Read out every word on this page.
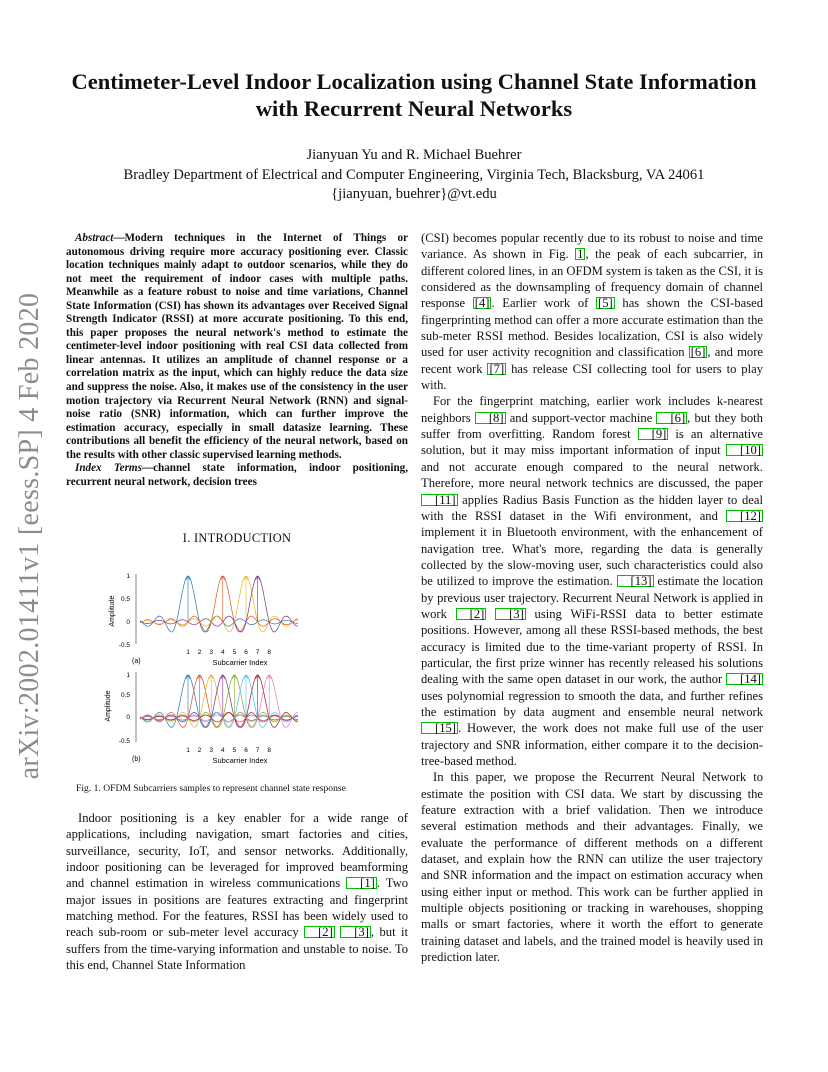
Centimeter-Level Indoor Localization using Channel State Information with Recurrent Neural Networks
Jianyuan Yu and R. Michael Buehrer
Bradley Department of Electrical and Computer Engineering, Virginia Tech, Blacksburg, VA 24061
{jianyuan, buehrer}@vt.edu
arXiv:2002.01411v1 [eess.SP] 4 Feb 2020

Abstract—Modern techniques in the Internet of Things or autonomous driving require more accuracy positioning ever. Classic location techniques mainly adapt to outdoor scenarios, while they do not meet the requirement of indoor cases with multiple paths. Meanwhile as a feature robust to noise and time variations, Channel State Information (CSI) has shown its advantages over Received Signal Strength Indicator (RSSI) at more accurate positioning. To this end, this paper proposes the neural network's method to estimate the centimeter-level indoor positioning with real CSI data collected from linear antennas. It utilizes an amplitude of channel response or a correlation matrix as the input, which can highly reduce the data size and suppress the noise. Also, it makes use of the consistency in the user motion trajectory via Recurrent Neural Network (RNN) and signal-noise ratio (SNR) information, which can further improve the estimation accuracy, especially in small datasize learning. These contributions all benefit the efficiency of the neural network, based on the results with other classic supervised learning methods.

Index Terms—channel state information, indoor positioning, recurrent neural network, decision trees

I. INTRODUCTION
1
0.5
0
-0.5
Amplitude
1 2 3 4 5 6 7 8
(a)	Subcarrier Index
1
0.5
0
-0.5
Amplitude
1 2 3 4 5 6 7 8
(b)	Subcarrier Index
Fig. 1. OFDM Subcarriers samples to represent channel state response

Indoor positioning is a key enabler for a wide range of applications, including navigation, smart factories and cities, surveillance, security, IoT, and sensor networks. Additionally, indoor positioning can be leveraged for improved beamforming and channel estimation in wireless communications [1] . Two major issues in positions are features extracting and fingerprint matching method. For the features, RSSI has been widely used to reach sub-room or sub-meter level accuracy [2] [3] , but it suffers from the time-varying information and unstable to noise. To this end, Channel State Information

(CSI) becomes popular recently due to its robust to noise and time variance. As shown in Fig. 1 , the peak of each subcarrier, in different colored lines, in an OFDM system is taken as the CSI, it is considered as the downsampling of frequency domain of channel response [4] . Earlier work of [5] has shown the CSI-based fingerprinting method can offer a more accurate estimation than the sub-meter RSSI method. Besides localization, CSI is also widely used for user activity recognition and classification [6] , and more recent work [7] has release CSI collecting tool for users to play with.

For the fingerprint matching, earlier work includes k-nearest neighbors [8] and support-vector machine [6] , but they both suffer from overfitting. Random forest [9] is an alternative solution, but it may miss important information of input [10] and not accurate enough compared to the neural network. Therefore, more neural network technics are discussed, the paper [11] applies Radius Basis Function as the hidden layer to deal with the RSSI dataset in the Wifi environment, and [12] implement it in Bluetooth environment, with the enhancement of navigation tree. What's more, regarding the data is generally collected by the slow-moving user, such characteristics could also be utilized to improve the estimation. [13] estimate the location by previous user trajectory. Recurrent Neural Network is applied in work [2] [3] using WiFi-RSSI data to better estimate positions. However, among all these RSSI-based methods, the best accuracy is limited due to the time-variant property of RSSI. In particular, the first prize winner has recently released his solutions dealing with the same open dataset in our work, the author [14] uses polynomial regression to smooth the data, and further refines the estimation by data augment and ensemble neural network [15] . However, the work does not make full use of the user trajectory and SNR information, either compare it to the decision-tree-based method.

In this paper, we propose the Recurrent Neural Network to estimate the position with CSI data. We start by discussing the feature extraction with a brief validation. Then we introduce several estimation methods and their advantages. Finally, we evaluate the performance of different methods on a different dataset, and explain how the RNN can utilize the user trajectory and SNR information and the impact on estimation accuracy when using either input or method. This work can be further applied in multiple objects positioning or tracking in warehouses, shopping malls or smart factories, where it worth the effort to generate training dataset and labels, and the trained model is heavily used in prediction later.
